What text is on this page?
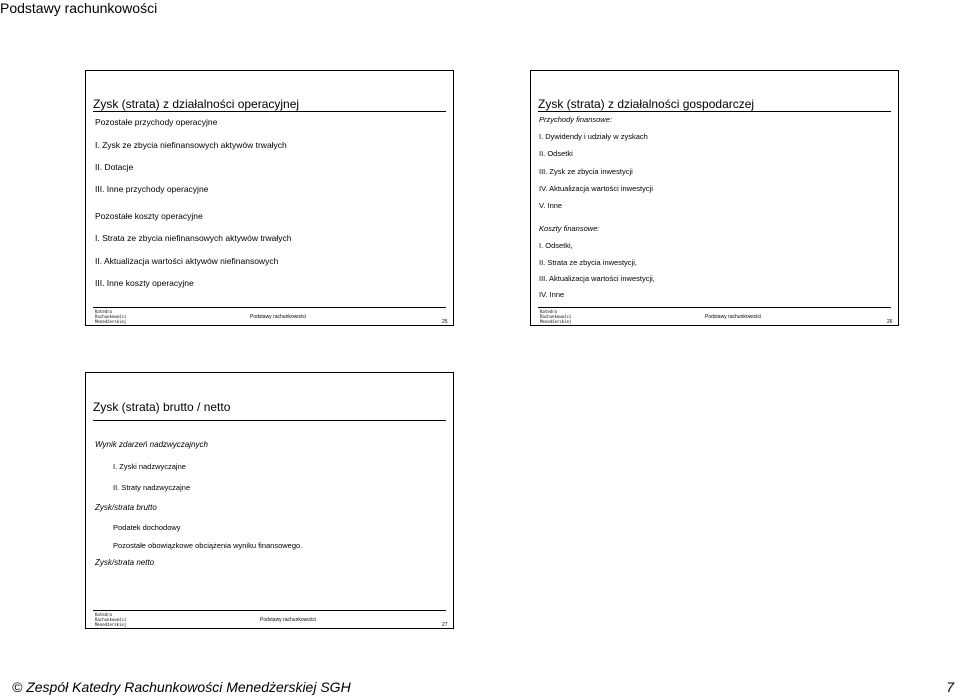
Podstawy rachunkowości
Zysk (strata) z działalności operacyjnej
Pozostałe przychody operacyjne
I. Zysk ze zbycia niefinansowych aktywów trwałych
II. Dotacje
III. Inne przychody operacyjne
Pozostałe koszty operacyjne
I. Strata ze zbycia niefinansowych aktywów trwałych
II. Aktualizacja wartości aktywów niefinansowych
III. Inne koszty operacyjne
Katedra
Rachunkowości
Menedżerskiej
Podstawy rachunkowości
25
Zysk (strata) z działalności gospodarczej
Przychody finansowe:
I. Dywidendy i udziały w zyskach
II. Odsetki
III. Zysk ze zbycia inwestycji
IV. Aktualizacja wartości inwestycji
V. Inne
Koszty finansowe:
I. Odsetki,
II. Strata ze zbycia inwestycji,
III. Aktualizacja wartości inwestycji,
IV. Inne
Katedra
Rachunkowości
Menedżerskiej
Podstawy rachunkowości
26
Zysk (strata) brutto / netto
Wynik zdarzeń nadzwyczajnych
I. Zyski nadzwyczajne
II. Straty nadzwyczajne
Zysk/strata brutto
Podatek dochodowy
Pozostałe obowiązkowe obciążenia wyniku finansowego.
Zysk/strata netto
Katedra
Rachunkowości
Menedżerskiej
Podstawy rachunkowości
27
© Zespół Katedry Rachunkowości Menedżerskiej SGH	7
